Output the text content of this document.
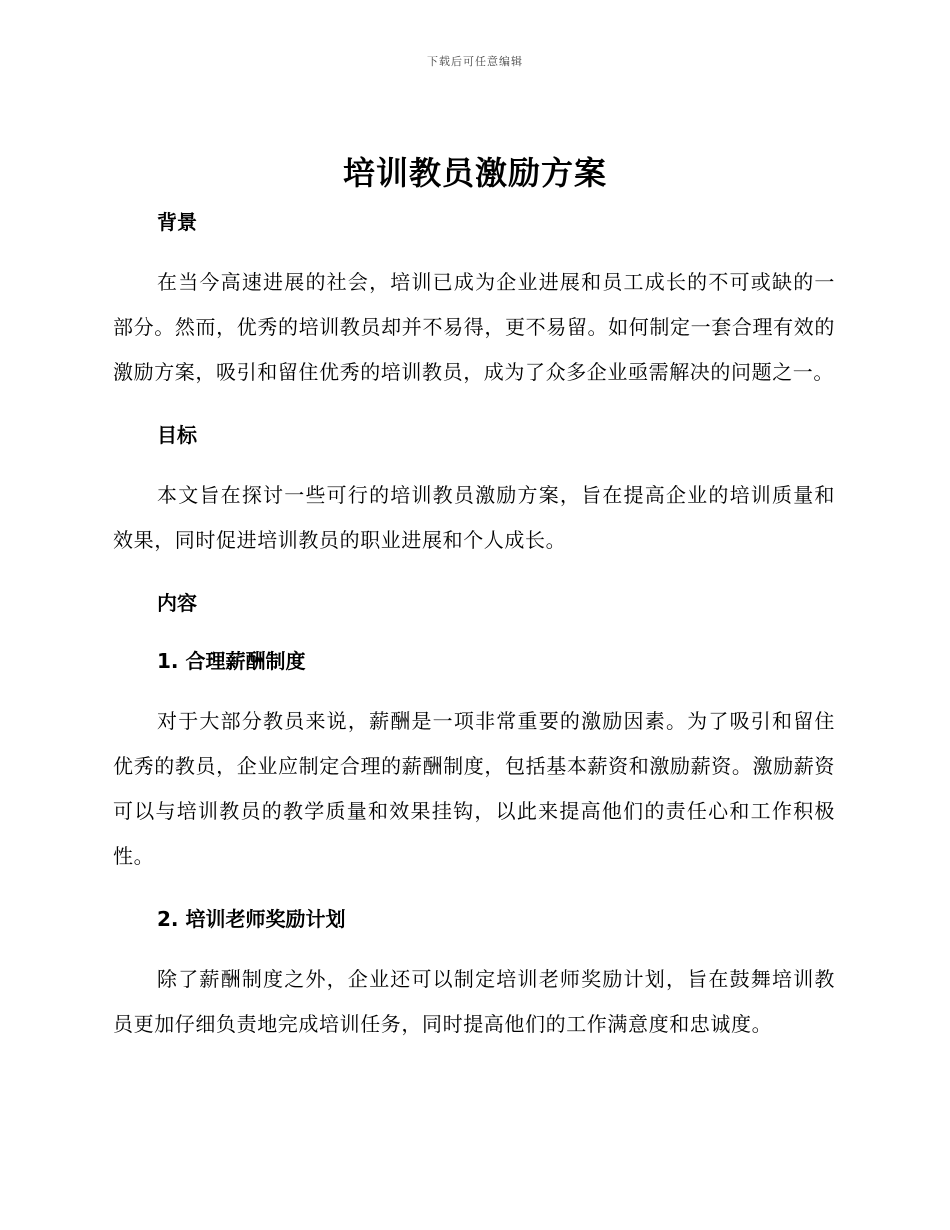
下载后可任意编辑
培训教员激励方案
背景

在当今高速进展的社会，培训已成为企业进展和员工成长的不可或缺的一部分。然而，优秀的培训教员却并不易得，更不易留。如何制定一套合理有效的激励方案，吸引和留住优秀的培训教员，成为了众多企业亟需解决的问题之一。

目标

本文旨在探讨一些可行的培训教员激励方案，旨在提高企业的培训质量和效果，同时促进培训教员的职业进展和个人成长。

内容
1. 合理薪酬制度

对于大部分教员来说，薪酬是一项非常重要的激励因素。为了吸引和留住优秀的教员，企业应制定合理的薪酬制度，包括基本薪资和激励薪资。激励薪资可以与培训教员的教学质量和效果挂钩，以此来提高他们的责任心和工作积极性。

2. 培训老师奖励计划

除了薪酬制度之外，企业还可以制定培训老师奖励计划，旨在鼓舞培训教员更加仔细负责地完成培训任务，同时提高他们的工作满意度和忠诚度。
